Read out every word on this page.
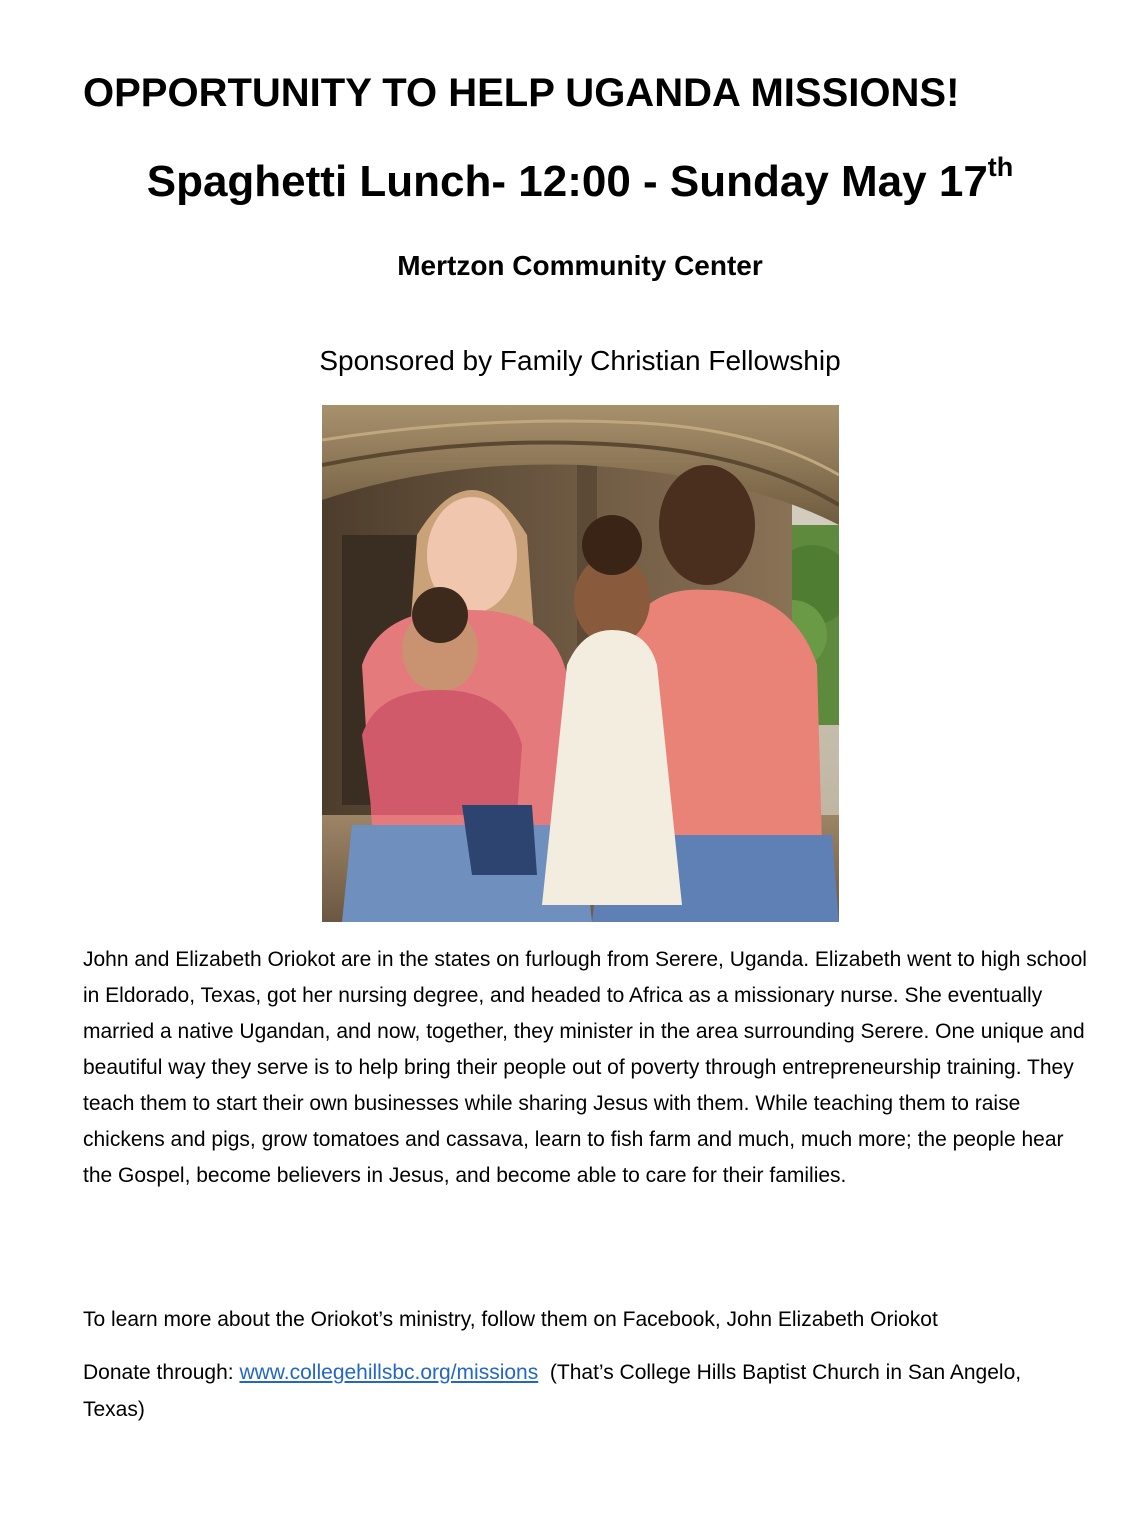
OPPORTUNITY TO HELP UGANDA MISSIONS!
Spaghetti Lunch- 12:00 - Sunday May 17th
Mertzon Community Center
Sponsored by Family Christian Fellowship

John and Elizabeth Oriokot are in the states on furlough from Serere, Uganda. Elizabeth went to high school in Eldorado, Texas, got her nursing degree, and headed to Africa as a missionary nurse. She eventually married a native Ugandan, and now, together, they minister in the area surrounding Serere. One unique and beautiful way they serve is to help bring their people out of poverty through entrepreneurship training. They teach them to start their own businesses while sharing Jesus with them. While teaching them to raise chickens and pigs, grow tomatoes and cassava, learn to fish farm and much, much more; the people hear the Gospel, become believers in Jesus, and become able to care for their families.

To learn more about the Oriokot’s ministry, follow them on Facebook, John Elizabeth Oriokot

Donate through: www.collegehillsbc.org/missions  (That’s College Hills Baptist Church in San Angelo, Texas)
